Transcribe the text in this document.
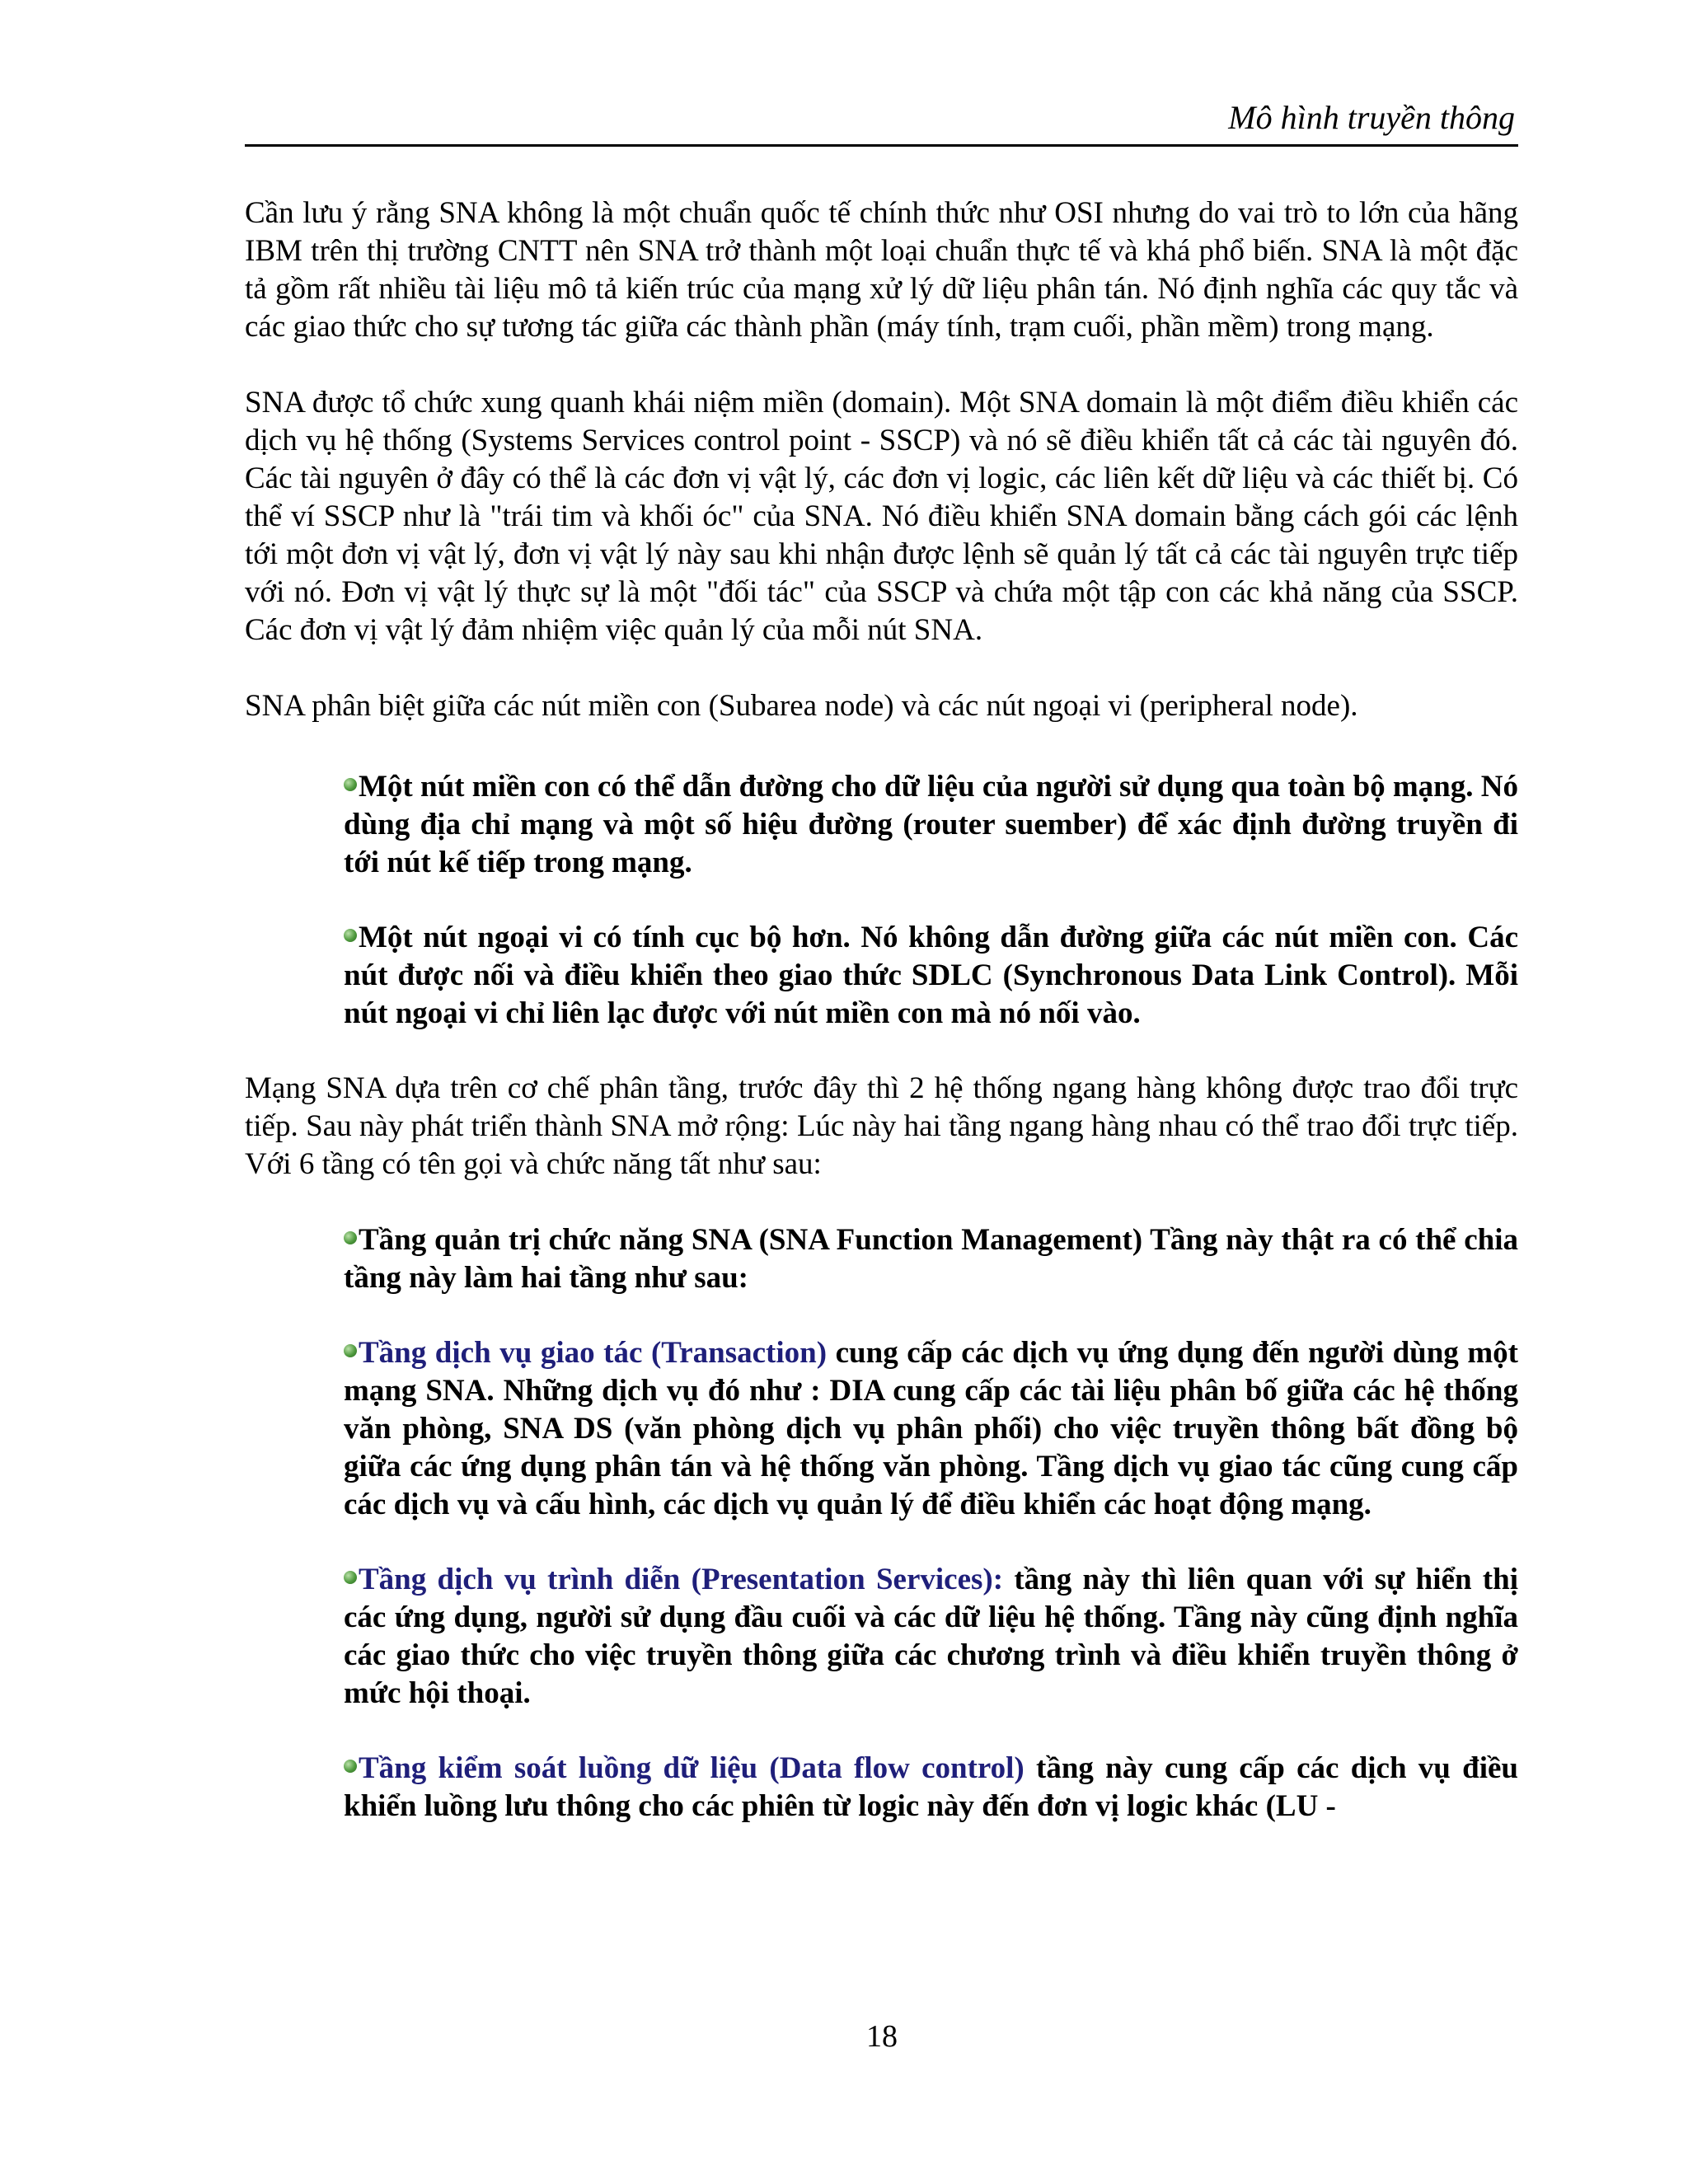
Mô hình truyền thông

Cần lưu ý rằng SNA không là một chuẩn quốc tế chính thức như OSI nhưng do vai trò to lớn của hãng IBM trên thị trường CNTT nên SNA trở thành một loại chuẩn thực tế và khá phổ biến. SNA là một đặc tả gồm rất nhiều tài liệu mô tả kiến trúc của mạng xử lý dữ liệu phân tán. Nó định nghĩa các quy tắc và các giao thức cho sự tương tác giữa các thành phần (máy tính, trạm cuối, phần mềm) trong mạng.

SNA được tổ chức xung quanh khái niệm miền (domain). Một SNA domain là một điểm điều khiển các dịch vụ hệ thống (Systems Services control point - SSCP) và nó sẽ điều khiển tất cả các tài nguyên đó. Các tài nguyên ở đây có thể là các đơn vị vật lý, các đơn vị logic, các liên kết dữ liệu và các thiết bị. Có thể ví SSCP như là "trái tim và khối óc" của SNA. Nó điều khiển SNA domain bằng cách gói các lệnh tới một đơn vị vật lý, đơn vị vật lý này sau khi nhận được lệnh sẽ quản lý tất cả các tài nguyên trực tiếp với nó. Đơn vị vật lý thực sự là một "đối tác" của SSCP và chứa một tập con các khả năng của SSCP. Các đơn vị vật lý đảm nhiệm việc quản lý của mỗi nút SNA.

SNA phân biệt giữa các nút miền con (Subarea node) và các nút ngoại vi (peripheral node).

Một nút miền con có thể dẫn đường cho dữ liệu của người sử dụng qua toàn bộ mạng. Nó dùng địa chỉ mạng và một số hiệu đường (router suember) để xác định đường truyền đi tới nút kế tiếp trong mạng.

Một nút ngoại vi có tính cục bộ hơn. Nó không dẫn đường giữa các nút miền con. Các nút được nối và điều khiển theo giao thức SDLC (Synchronous Data Link Control). Mỗi nút ngoại vi chỉ liên lạc được với nút miền con mà nó nối vào.

Mạng SNA dựa trên cơ chế phân tầng, trước đây thì 2 hệ thống ngang hàng không được trao đổi trực tiếp. Sau này phát triển thành SNA mở rộng: Lúc này hai tầng ngang hàng nhau có thể trao đổi trực tiếp. Với 6 tầng có tên gọi và chức năng tất như sau:

Tầng quản trị chức năng SNA (SNA Function Management) Tầng này thật ra có thể chia tầng này làm hai tầng như sau:

Tầng dịch vụ giao tác (Transaction) cung cấp các dịch vụ ứng dụng đến người dùng một mạng SNA. Những dịch vụ đó như : DIA cung cấp các tài liệu phân bố giữa các hệ thống văn phòng, SNA DS (văn phòng dịch vụ phân phối) cho việc truyền thông bất đồng bộ giữa các ứng dụng phân tán và hệ thống văn phòng. Tầng dịch vụ giao tác cũng cung cấp các dịch vụ và cấu hình, các dịch vụ quản lý để điều khiển các hoạt động mạng.

Tầng dịch vụ trình diễn (Presentation Services): tầng này thì liên quan với sự hiển thị các ứng dụng, người sử dụng đầu cuối và các dữ liệu hệ thống. Tầng này cũng định nghĩa các giao thức cho việc truyền thông giữa các chương trình và điều khiển truyền thông ở mức hội thoại.

Tầng kiểm soát luồng dữ liệu (Data flow control) tầng này cung cấp các dịch vụ điều khiển luồng lưu thông cho các phiên từ logic này đến đơn vị logic khác (LU -

18
